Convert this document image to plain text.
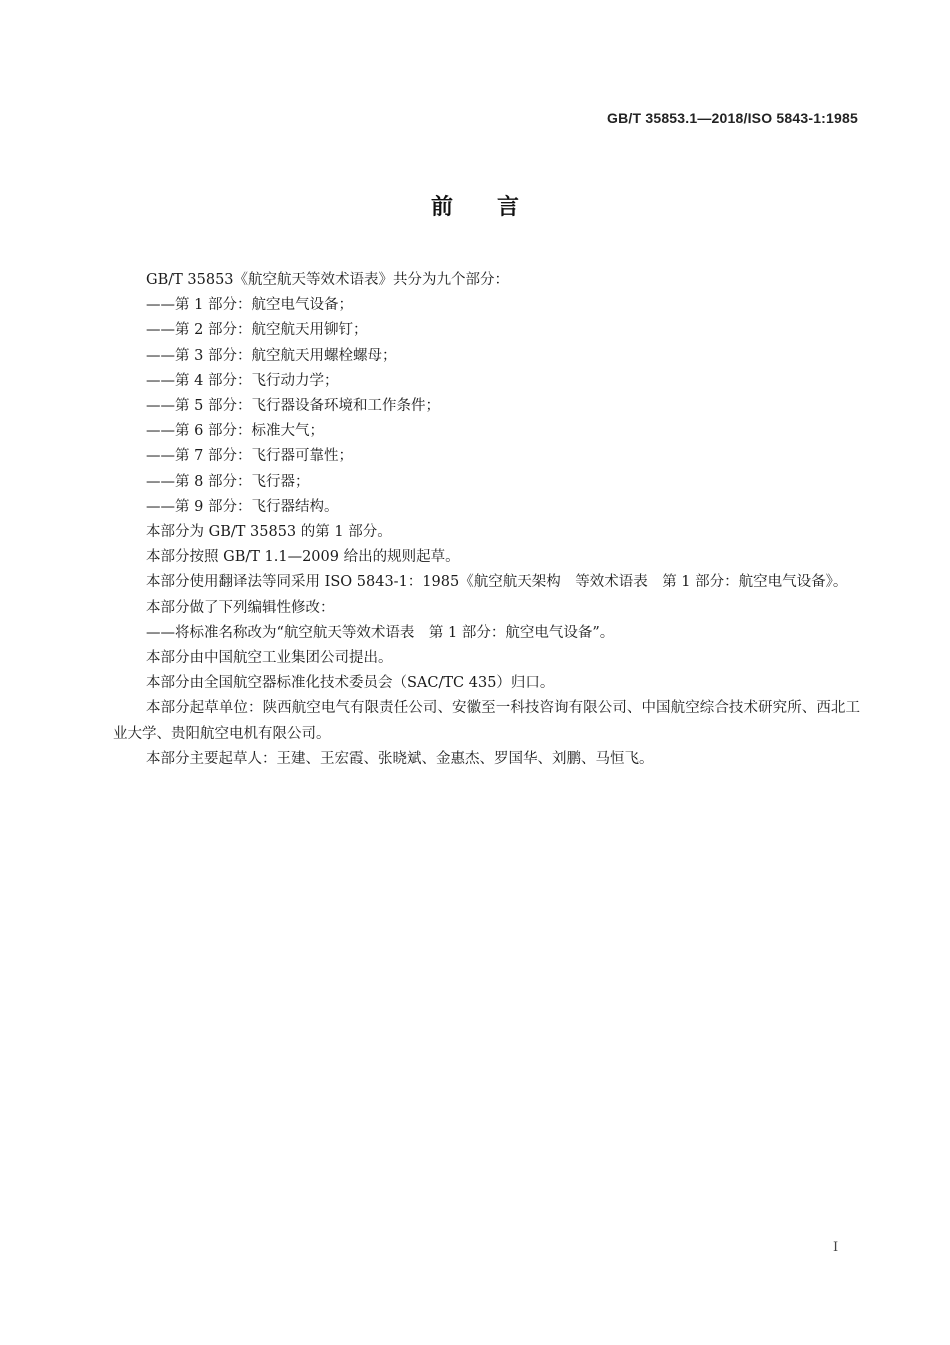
GB/T 35853.1—2018/ISO 5843-1:1985
前言

GB/T 35853《航空航天等效术语表》共分为九个部分：

——第 1 部分：航空电气设备；

——第 2 部分：航空航天用铆钉；

——第 3 部分：航空航天用螺栓螺母；

——第 4 部分：飞行动力学；

——第 5 部分：飞行器设备环境和工作条件；

——第 6 部分：标准大气；

——第 7 部分：飞行器可靠性；

——第 8 部分：飞行器；

——第 9 部分：飞行器结构。

本部分为 GB/T 35853 的第 1 部分。

本部分按照 GB/T 1.1—2009 给出的规则起草。

本部分使用翻译法等同采用 ISO 5843-1：1985《航空航天架构　等效术语表　第 1 部分：航空电气设备》。

本部分做了下列编辑性修改：

——将标准名称改为“航空航天等效术语表　第 1 部分：航空电气设备”。

本部分由中国航空工业集团公司提出。

本部分由全国航空器标准化技术委员会（SAC/TC 435）归口。

本部分起草单位：陕西航空电气有限责任公司、安徽至一科技咨询有限公司、中国航空综合技术研究所、西北工业大学、贵阳航空电机有限公司。

本部分主要起草人：王建、王宏霞、张晓斌、金惠杰、罗国华、刘鹏、马恒飞。

I
